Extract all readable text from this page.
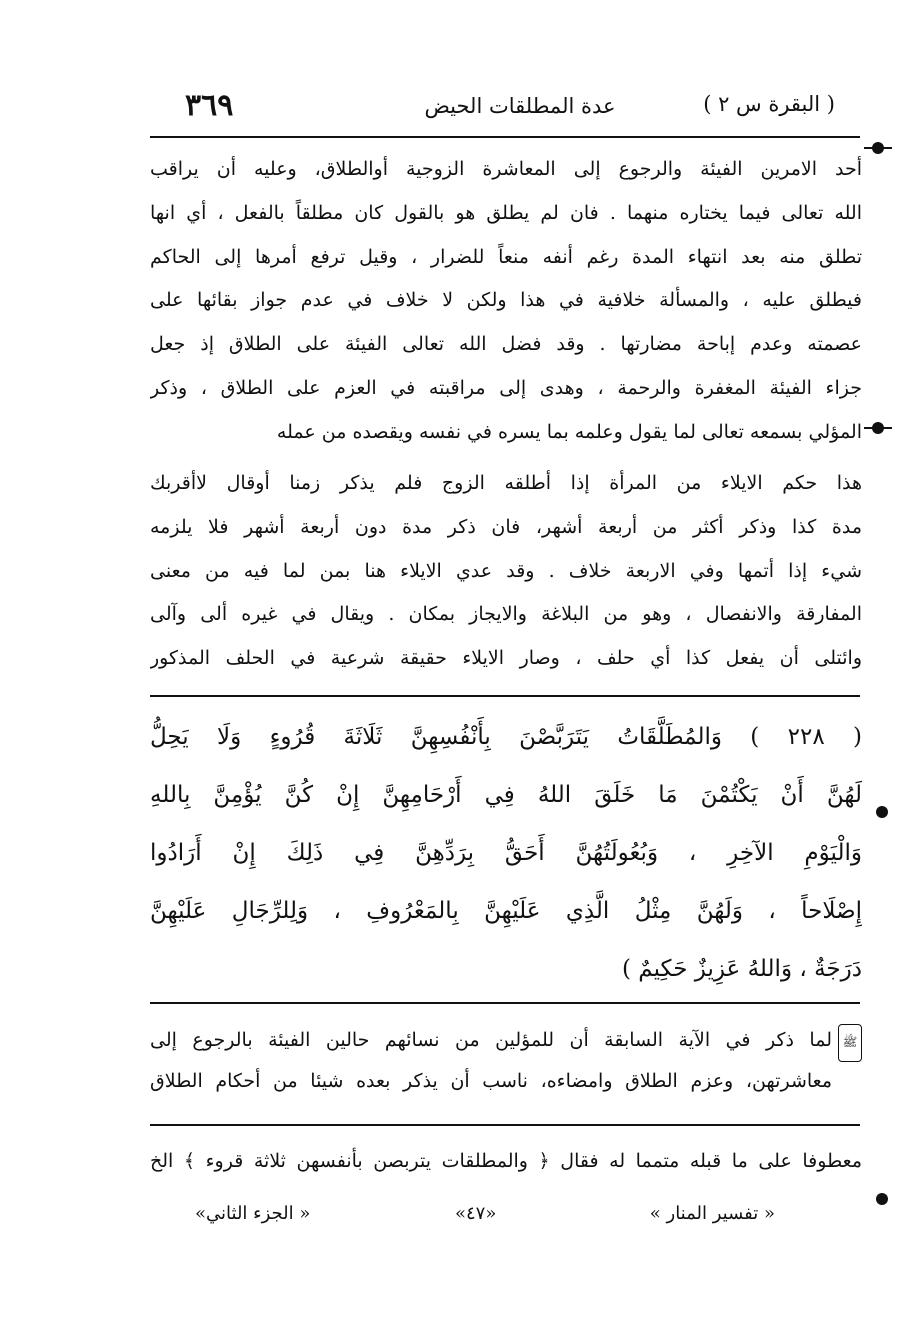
٣٦٩	عدة المطلقات الحيض	( البقرة س ٢ )
أحد الامرين الفيئة والرجوع إلى المعاشرة الزوجية أوالطلاق، وعليه أن يراقب
الله تعالى فيما يختاره منهما . فان لم يطلق هو بالقول كان مطلقاً بالفعل ، أي انها
تطلق منه بعد انتهاء المدة رغم أنفه منعاً للضرار ، وقيل ترفع أمرها إلى الحاكم
فيطلق عليه ، والمسألة خلافية في هذا ولكن لا خلاف في عدم جواز بقائها على
عصمته وعدم إباحة مضارتها . وقد فضل الله تعالى الفيئة على الطلاق إذ جعل
جزاء الفيئة المغفرة والرحمة ، وهدى إلى مراقبته في العزم على الطلاق ، وذكر
المؤلي بسمعه تعالى لما يقول وعلمه بما يسره في نفسه ويقصده من عمله
هذا حكم الايلاء من المرأة إذا أطلقه الزوج فلم يذكر زمنا أوقال لاأقربك
مدة كذا وذكر أكثر من أربعة أشهر، فان ذكر مدة دون أربعة أشهر فلا يلزمه
شيء إذا أتمها وفي الاربعة خلاف . وقد عدي الايلاء هنا بمن لما فيه من معنى
المفارقة والانفصال ، وهو من البلاغة والايجاز بمكان . ويقال في غيره ألى وآلى
وائتلى أن يفعل كذا أي حلف ، وصار الايلاء حقيقة شرعية في الحلف المذكور
( ٢٢٨ ) وَالمُطَلَّقَاتُ يَتَرَبَّصْنَ بِأَنْفُسِهِنَّ ثَلَاثَةَ قُرُوءٍ وَلَا يَحِلُّ
لَهُنَّ أَنْ يَكْتُمْنَ مَا خَلَقَ اللهُ فِي أَرْحَامِهِنَّ إِنْ كُنَّ يُؤْمِنَّ بِاللهِ
وَالْيَوْمِ الآخِرِ ، وَبُعُولَتُهُنَّ أَحَقُّ بِرَدِّهِنَّ فِي ذَلِكَ إِنْ أَرَادُوا
إِصْلَاحاً ، وَلَهُنَّ مِثْلُ الَّذِي عَلَيْهِنَّ بِالمَعْرُوفِ ، وَلِلرِّجَالِ عَلَيْهِنَّ
دَرَجَةٌ ، وَاللهُ عَزِيزٌ حَكِيمٌ )
ﷺ
لما ذكر في الآية السابقة أن للمؤلين من نسائهم حالين الفيئة بالرجوع إلى
معاشرتهن، وعزم الطلاق وامضاءه، ناسب أن يذكر بعده شيئا من أحكام الطلاق
معطوفا على ما قبله متمما له فقال ﴿ والمطلقات يتربصن بأنفسهن ثلاثة قروء ﴾ الخ
« تفسير المنار »
«٤٧»
« الجزء الثاني»
